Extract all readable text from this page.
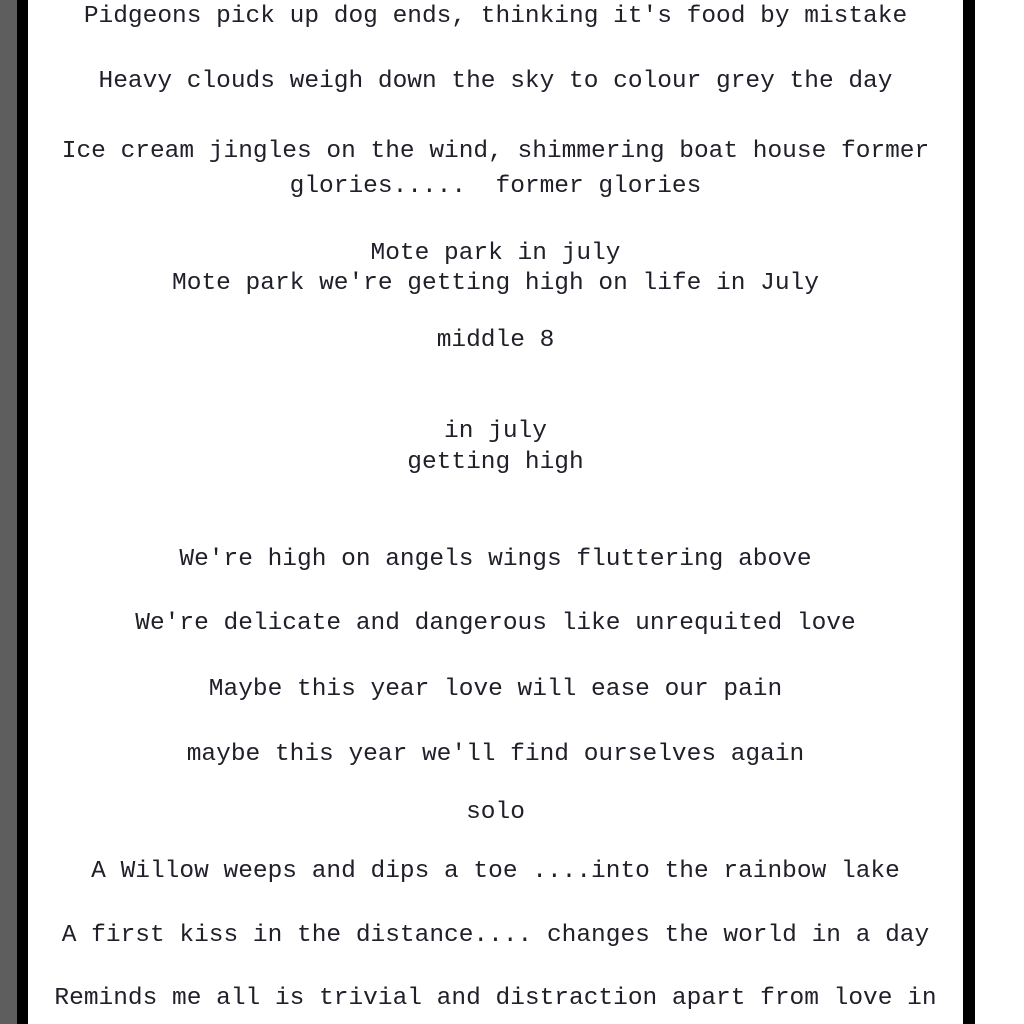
Pidgeons pick up dog ends, thinking it's food by mistake
Heavy clouds weigh down the sky to colour grey the day
Ice cream jingles on the wind, shimmering boat house former
glories.....  former glories
Mote park in july
Mote park we're getting high on life in July
middle 8
in july
getting high
We're high on angels wings fluttering above
We're delicate and dangerous like unrequited love
Maybe this year love will ease our pain
maybe this year we'll find ourselves again
solo
A Willow weeps and dips a toe ....into the rainbow lake
A first kiss in the distance.... changes the world in a day
Reminds me all is trivial and distraction apart from love in
